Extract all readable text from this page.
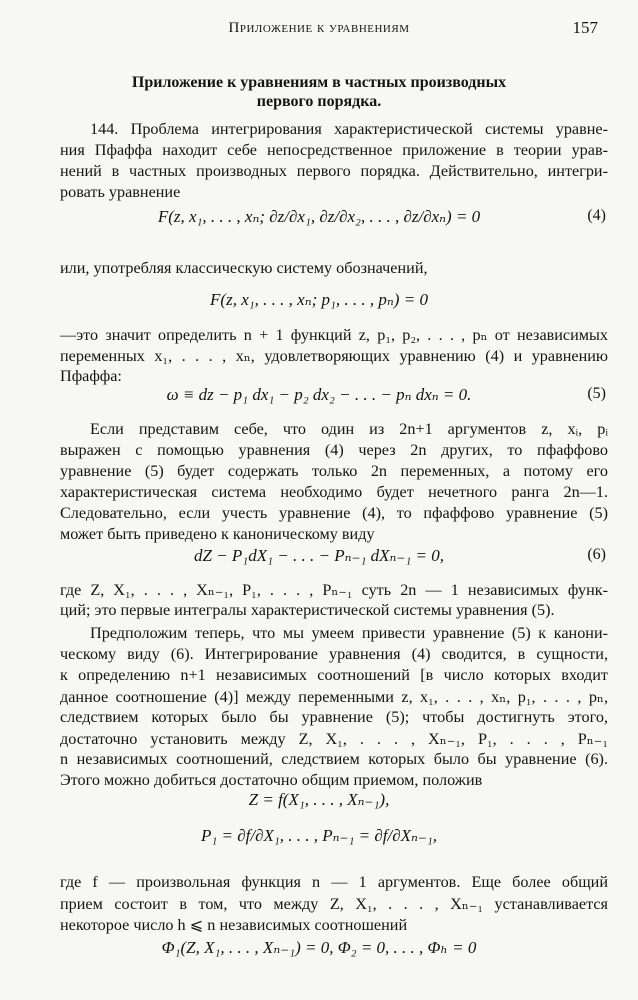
Приложение к уравнениям	157
Приложение к уравнениям в частных производных
первого порядка.
144. Проблема интегрирования характеристической системы уравне-
ния Пфаффа находит себе непосредственное приложение в теории урав-
нений в частных производных первого порядка. Действительно, интегри-
ровать уравнение
или, употребляя классическую систему обозначений,
—это значит определить n + 1 функций z, p₁, p₂, . . . , pₙ от независимых
переменных x₁, . . . , xₙ, удовлетворяющих уравнению (4) и уравнению
Пфаффа:
Если представим себе, что один из 2n+1 аргументов z, xᵢ, pᵢ
выражен с помощью уравнения (4) через 2n других, то пфаффово
уравнение (5) будет содержать только 2n переменных, а потому его
характеристическая система необходимо будет нечетного ранга 2n—1.
Следовательно, если учесть уравнение (4), то пфаффово уравнение (5)
может быть приведено к каноническому виду
где Z, X₁, . . . , Xₙ₋₁, P₁, . . . , Pₙ₋₁ суть 2n — 1 независимых функ-
ций; это первые интегралы характеристической системы уравнения (5).
Предположим теперь, что мы умеем привести уравнение (5) к канони-
ческому виду (6). Интегрирование уравнения (4) сводится, в сущности,
к определению n+1 независимых соотношений [в число которых входит
данное соотношение (4)] между переменными z, x₁, . . . , xₙ, p₁, . . . , pₙ,
следствием которых было бы уравнение (5); чтобы достигнуть этого,
достаточно установить между Z, X₁, . . . , Xₙ₋₁, P₁, . . . , Pₙ₋₁
n независимых соотношений, следствием которых было бы уравнение (6).
Этого можно добиться достаточно общим приемом, положив
где f — произвольная функция n — 1 аргументов. Еще более общий
прием состоит в том, что между Z, X₁, . . . , Xₙ₋₁ устанавливается
некоторое число h ⩽ n независимых соотношений
F(z, x₁, . . . , xₙ; ∂z/∂x₁, ∂z/∂x₂, . . . , ∂z/∂xₙ) = 0	(4)
F(z, x₁, . . . , xₙ; p₁, . . . , pₙ) = 0
ω ≡ dz − p₁ dx₁ − p₂ dx₂ − . . . − pₙ dxₙ = 0.	(5)
dZ − P₁dX₁ − . . . − Pₙ₋₁ dXₙ₋₁ = 0,	(6)
Z = f(X₁, . . . , Xₙ₋₁),
P₁ = ∂f/∂X₁, . . . , Pₙ₋₁ = ∂f/∂Xₙ₋₁,
Φ₁(Z, X₁, . . . , Xₙ₋₁) = 0, Φ₂ = 0, . . . , Φₕ = 0
